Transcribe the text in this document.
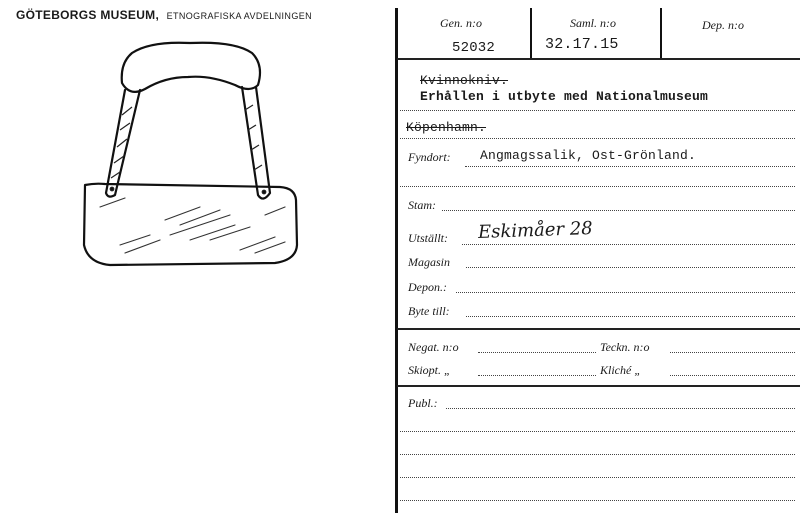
GÖTEBORGS MUSEUM, ETNOGRAFISKA AVDELNINGEN	Gen. n:o
52032
Saml. n:o
32.17.15
Dep. n:o
Kvinnokniv.
Erhållen i utbyte med Nationalmuseum
Köpenhamn.
Fyndort: Angmagssalik, Ost-Grönland.
Stam:
Utställt: Eskimåer 28
Magasin
Depon.:
Byte till:
Negat. n:o	Teckn. n:o
Skiopt. „	Kliché „
Publ.:
